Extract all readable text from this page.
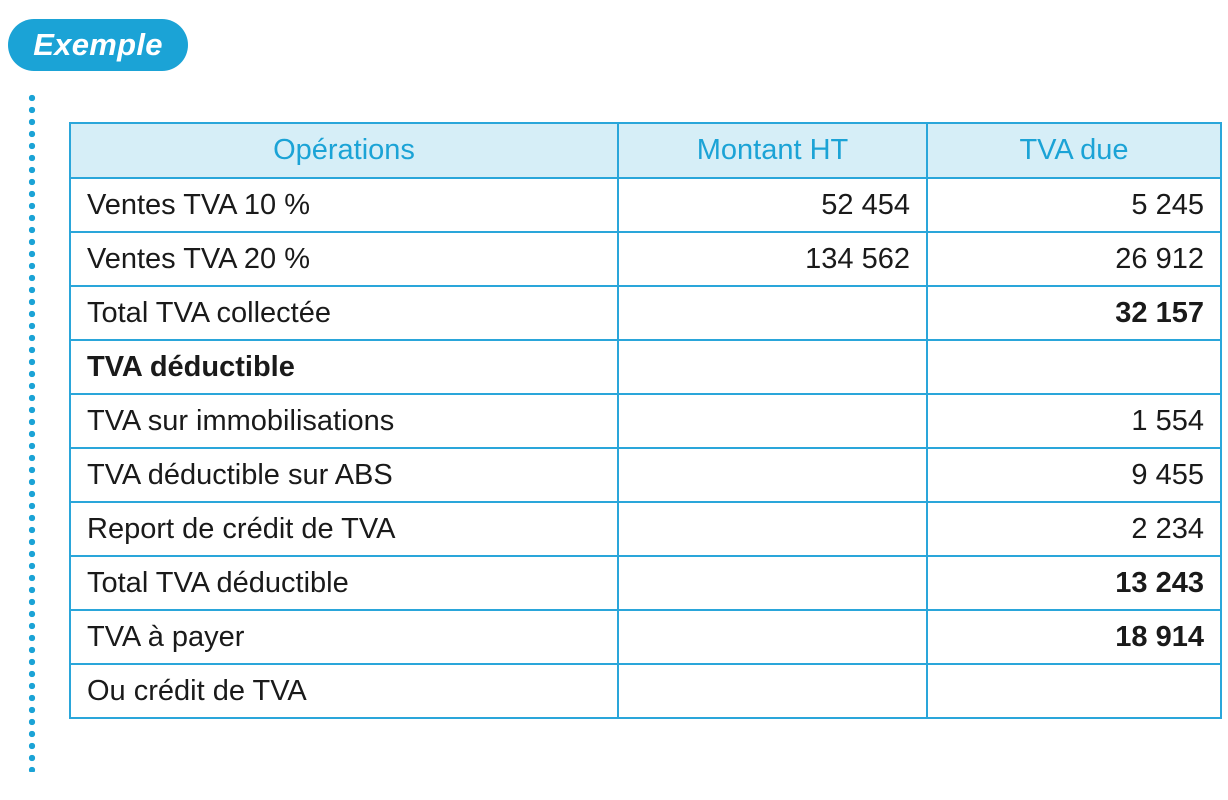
Exemple
Opérations	Montant HT	TVA due
Ventes TVA 10 %	52 454	5 245
Ventes TVA 20 %	134 562	26 912
Total TVA collectée		32 157
TVA déductible		
TVA sur immobilisations		1 554
TVA déductible sur ABS		9 455
Report de crédit de TVA		2 234
Total TVA déductible		13 243
TVA à payer		18 914
Ou crédit de TVA		
